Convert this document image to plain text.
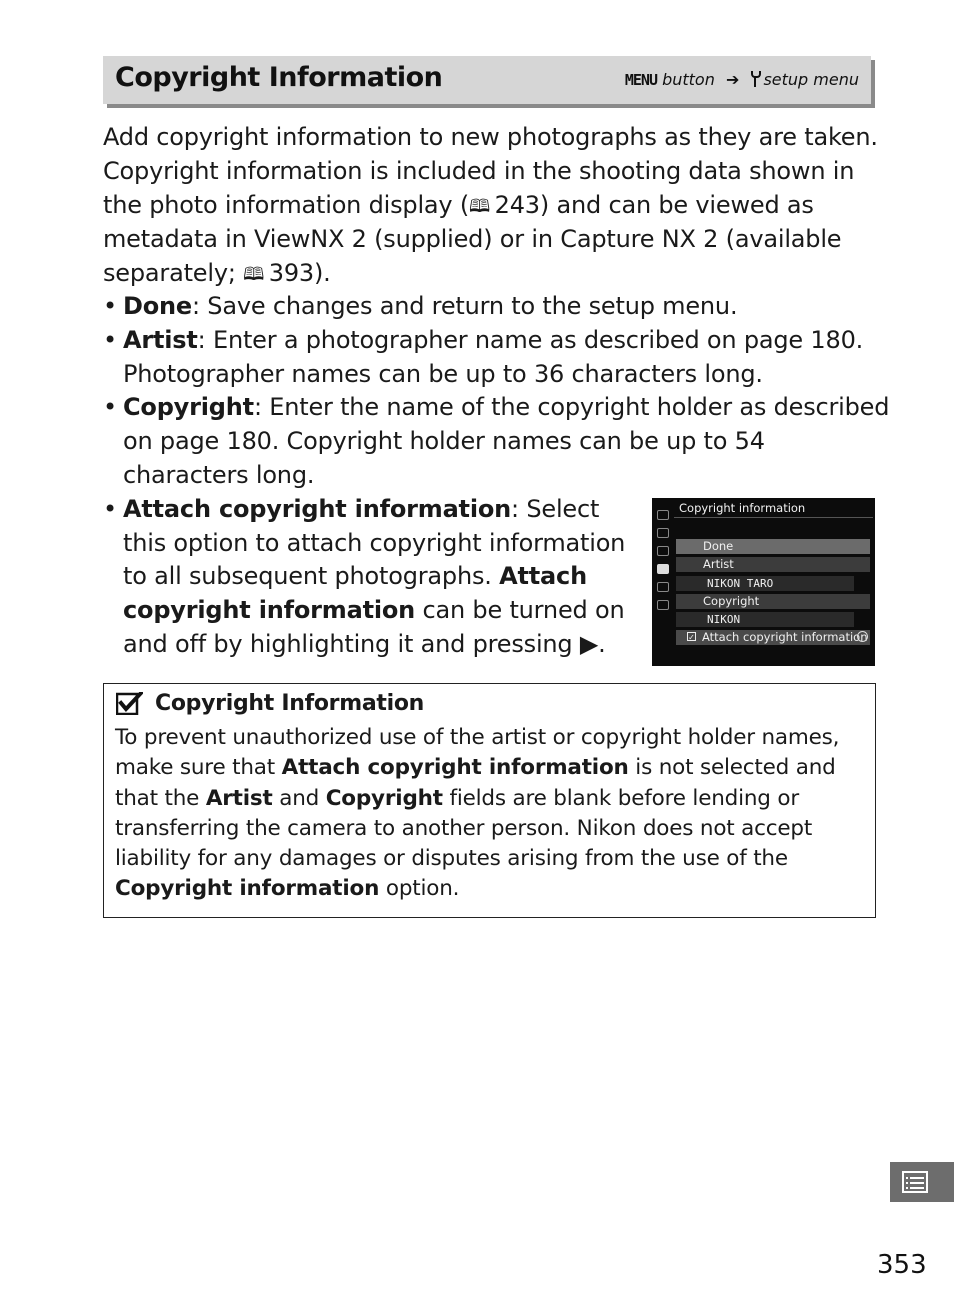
Copyright Information	MENU button ➔ setup menu

Add copyright information to new photographs as they are taken. Copyright information is included in the shooting data shown in the photo information display (🕮  243) and can be viewed as metadata in ViewNX 2 (supplied) or in Capture NX 2 (available separately; 🕮  393).

• Done: Save changes and return to the setup menu.
• Artist: Enter a photographer name as described on page 180. Photographer names can be up to 36 characters long.
• Copyright: Enter the name of the copyright holder as described on page 180. Copyright holder names can be up to 54 characters long.
• Attach copyright information: Select this option to attach copyright information to all subsequent photographs. Attach copyright information can be turned on and off by highlighting it and pressing ▶.
Copyright information
Done
Artist
NIKON TARO
Copyright
NIKON
✓ Attach copyright information
Copyright Information

To prevent unauthorized use of the artist or copyright holder names, make sure that Attach copyright information is not selected and that the Artist and Copyright fields are blank before lending or transferring the camera to another person. Nikon does not accept liability for any damages or disputes arising from the use of the Copyright information option.

353
